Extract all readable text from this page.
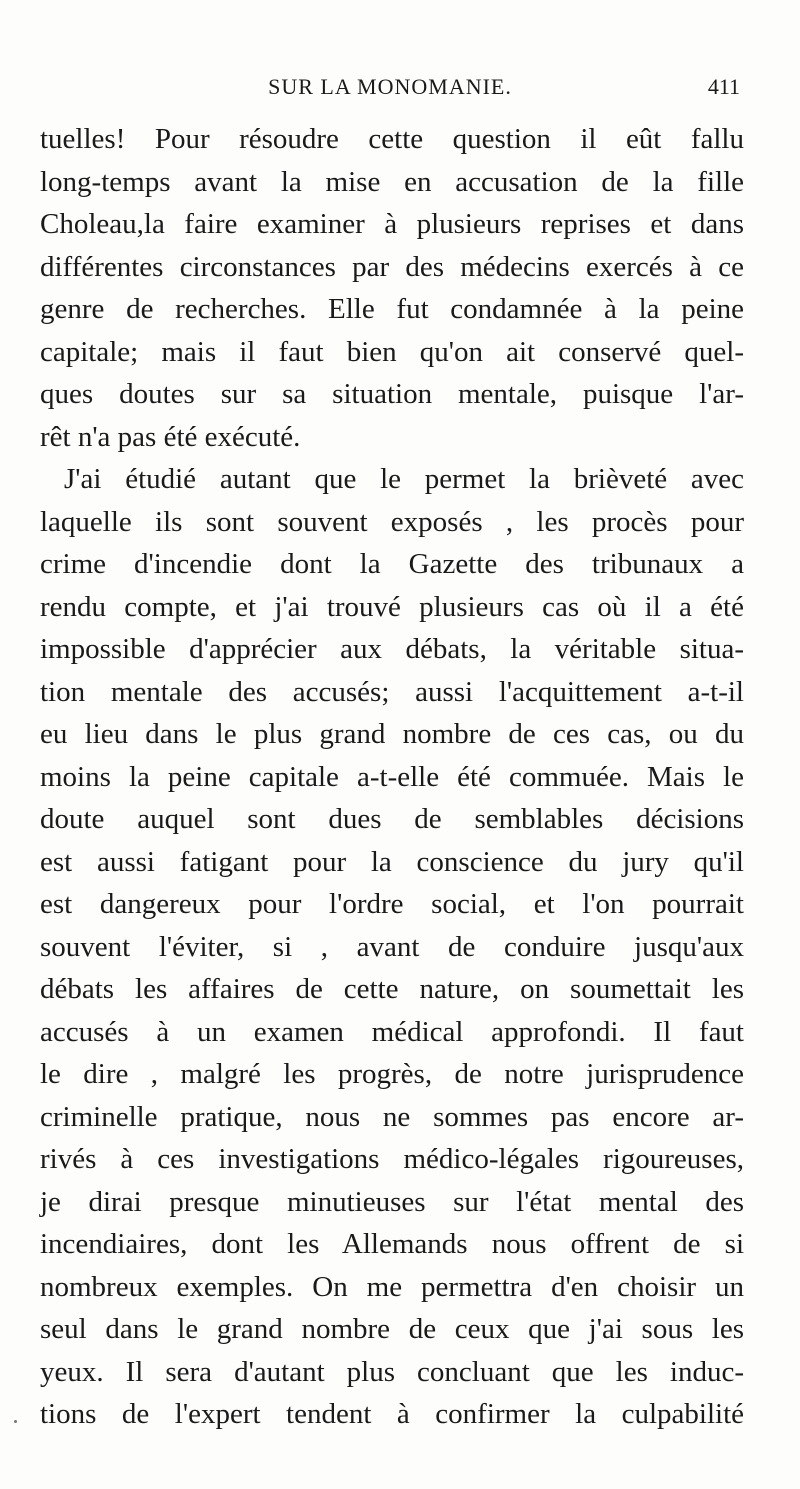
SUR LA MONOMANIE.	411
tuelles! Pour résoudre cette question il eût fallu
long-temps avant la mise en accusation de la fille
Choleau,la faire examiner à plusieurs reprises et dans
différentes circonstances par des médecins exercés à ce
genre de recherches. Elle fut condamnée à la peine
capitale; mais il faut bien qu'on ait conservé quel-
ques doutes sur sa situation mentale, puisque l'ar-
rêt n'a pas été exécuté.
J'ai étudié autant que le permet la brièveté avec
laquelle ils sont souvent exposés , les procès pour
crime d'incendie dont la Gazette des tribunaux a
rendu compte, et j'ai trouvé plusieurs cas où il a été
impossible d'apprécier aux débats, la véritable situa-
tion mentale des accusés; aussi l'acquittement a-t-il
eu lieu dans le plus grand nombre de ces cas, ou du
moins la peine capitale a-t-elle été commuée. Mais le
doute auquel sont dues de semblables décisions
est aussi fatigant pour la conscience du jury qu'il
est dangereux pour l'ordre social, et l'on pourrait
souvent l'éviter, si , avant de conduire jusqu'aux
débats les affaires de cette nature, on soumettait les
accusés à un examen médical approfondi. Il faut
le dire , malgré les progrès, de notre jurisprudence
criminelle pratique, nous ne sommes pas encore ar-
rivés à ces investigations médico-légales rigoureuses,
je dirai presque minutieuses sur l'état mental des
incendiaires, dont les Allemands nous offrent de si
nombreux exemples. On me permettra d'en choisir un
seul dans le grand nombre de ceux que j'ai sous les
yeux. Il sera d'autant plus concluant que les induc-
tions de l'expert tendent à confirmer la culpabilité
